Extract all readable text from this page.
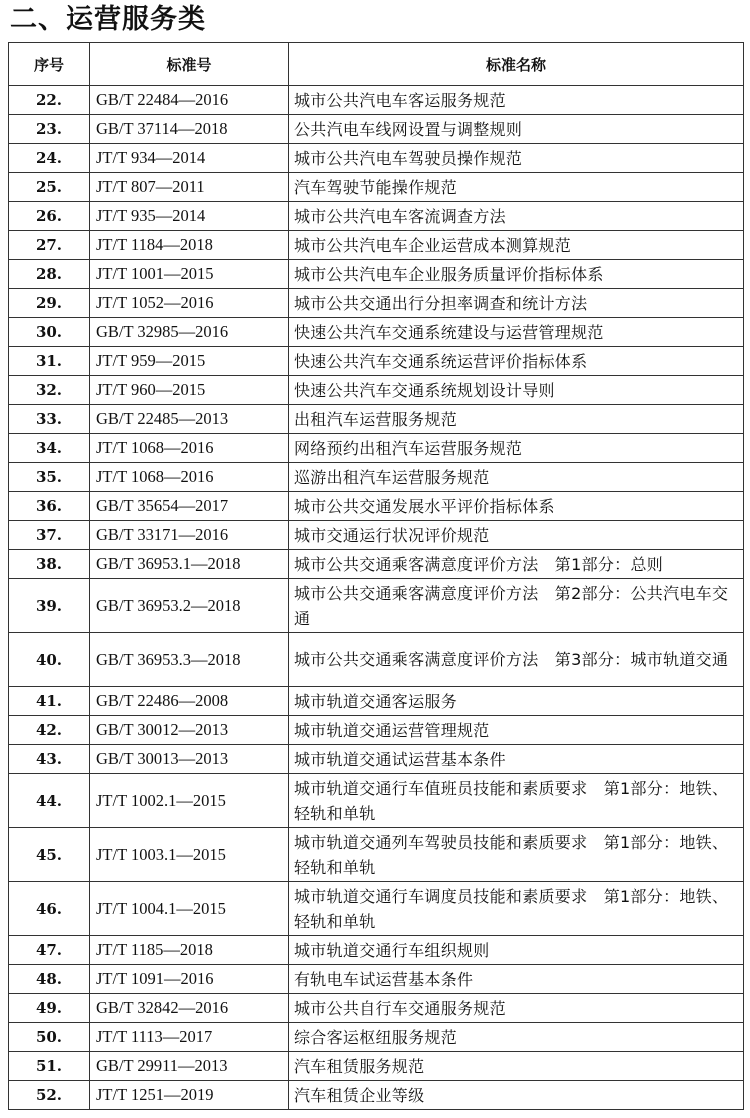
二、运营服务类
序号	标准号	标准名称
22.	GB/T 22484—2016	城市公共汽电车客运服务规范
23.	GB/T 37114—2018	公共汽电车线网设置与调整规则
24.	JT/T 934—2014	城市公共汽电车驾驶员操作规范
25.	JT/T 807—2011	汽车驾驶节能操作规范
26.	JT/T 935—2014	城市公共汽电车客流调查方法
27.	JT/T 1184—2018	城市公共汽电车企业运营成本测算规范
28.	JT/T 1001—2015	城市公共汽电车企业服务质量评价指标体系
29.	JT/T 1052—2016	城市公共交通出行分担率调查和统计方法
30.	GB/T 32985—2016	快速公共汽车交通系统建设与运营管理规范
31.	JT/T 959—2015	快速公共汽车交通系统运营评价指标体系
32.	JT/T 960—2015	快速公共汽车交通系统规划设计导则
33.	GB/T 22485—2013	出租汽车运营服务规范
34.	JT/T 1068—2016	网络预约出租汽车运营服务规范
35.	JT/T 1068—2016	巡游出租汽车运营服务规范
36.	GB/T 35654—2017	城市公共交通发展水平评价指标体系
37.	GB/T 33171—2016	城市交通运行状况评价规范
38.	GB/T 36953.1—2018	城市公共交通乘客满意度评价方法　第1部分：总则
39.	GB/T 36953.2—2018	城市公共交通乘客满意度评价方法　第2部分：公共汽电车交通
40.	GB/T 36953.3—2018	城市公共交通乘客满意度评价方法　第3部分：城市轨道交通
41.	GB/T 22486—2008	城市轨道交通客运服务
42.	GB/T 30012—2013	城市轨道交通运营管理规范
43.	GB/T 30013—2013	城市轨道交通试运营基本条件
44.	JT/T 1002.1—2015	城市轨道交通行车值班员技能和素质要求　第1部分：地铁、轻轨和单轨
45.	JT/T 1003.1—2015	城市轨道交通列车驾驶员技能和素质要求　第1部分：地铁、轻轨和单轨
46.	JT/T 1004.1—2015	城市轨道交通行车调度员技能和素质要求　第1部分：地铁、轻轨和单轨
47.	JT/T 1185—2018	城市轨道交通行车组织规则
48.	JT/T 1091—2016	有轨电车试运营基本条件
49.	GB/T 32842—2016	城市公共自行车交通服务规范
50.	JT/T 1113—2017	综合客运枢纽服务规范
51.	GB/T 29911—2013	汽车租赁服务规范
52.	JT/T 1251—2019	汽车租赁企业等级
